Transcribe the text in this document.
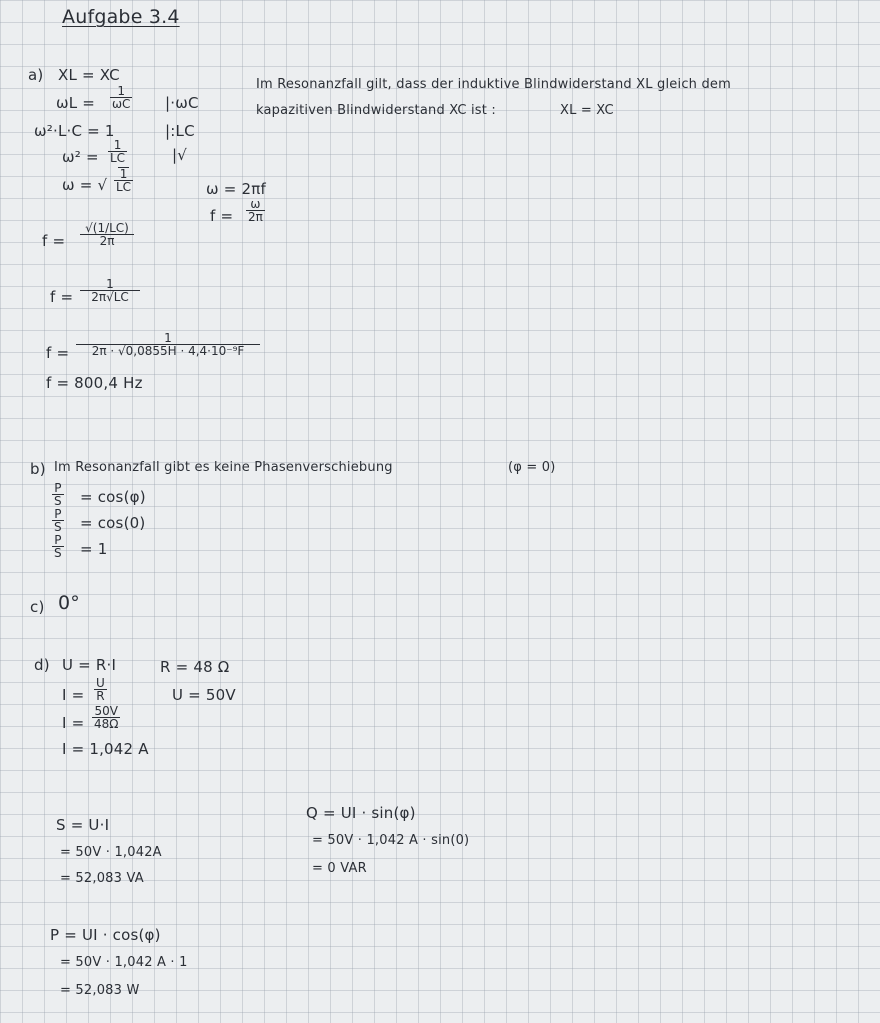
Aufgabe 3.4
a) XL = XC
$\omega L = \frac{1}{\omega C} |\cdot\omega C$
ω²·L·C = 1	|:LC
$\omega^2 = \frac{1}{LC}$	|√
ω = √ $\frac{1}{LC}$	ω = 2πf
$f = \frac{\omega}{2\pi}$
$f = \frac{√(1/LC)}{2\pi}$
$f = \frac{1}{2\pi√LC}$
$f = \frac{1}{\text{2π · √0,0855H · 4,4·10⁻⁹F}}$
f = 800,4 Hz
Im Resonanzfall gilt, dass der induktive Blindwiderstand XL gleich dem
kapazitiven Blindwiderstand XC ist :	XL = XC
b) Im Resonanzfall gibt es keine Phasenverschiebung	(φ = 0)
$\frac{P}{S} = \cos(\varphi)$
$\frac{P}{S} = \cos(0)$
$\frac{P}{S} = 1$
c) 0°
d) U = R·I	R = 48 Ω
$I = \frac{U}{R}$	U = 50V
$I = \frac{50V}{48\Omega}$
I = 1,042 A
S = U·I
= 50V · 1,042A
= 52,083 VA
Q = UI · sin(φ)
= 50V · 1,042 A · sin(0)
= 0 VAR
P = UI · cos(φ)
= 50V · 1,042 A · 1
= 52,083 W
